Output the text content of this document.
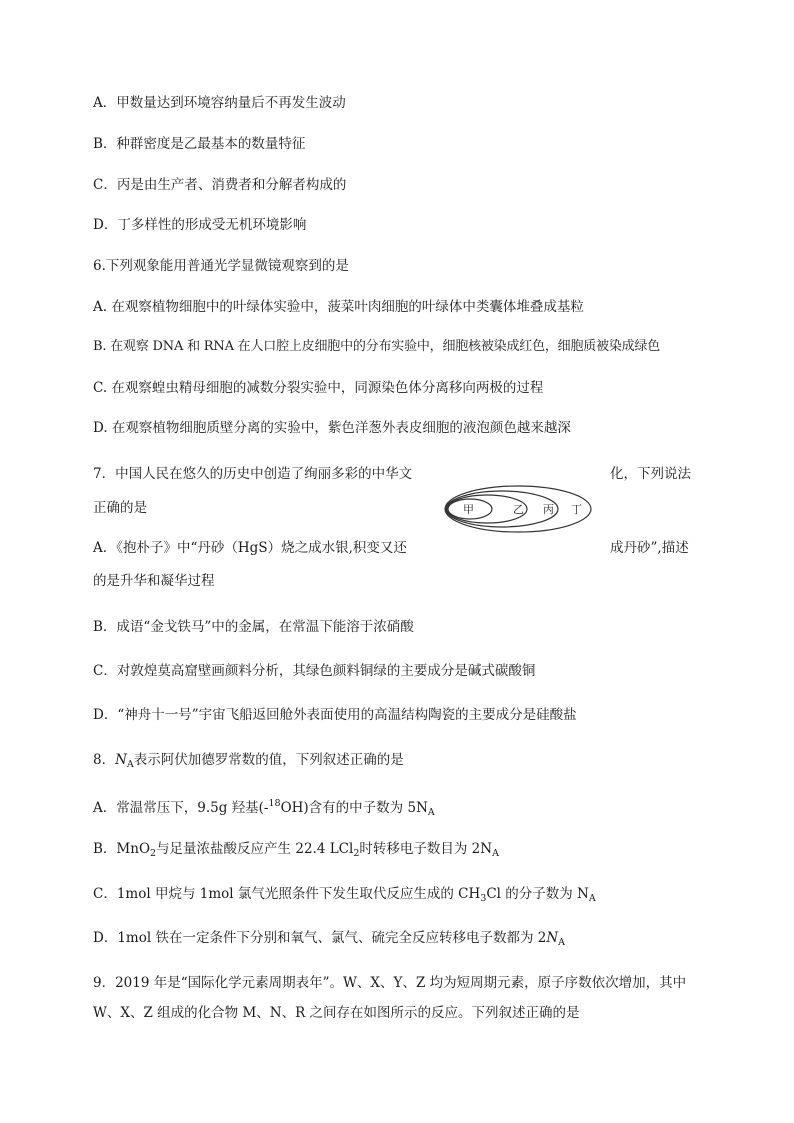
A．甲数量达到环境容纳量后不再发生波动
B．种群密度是乙最基本的数量特征
C．丙是由生产者、消费者和分解者构成的
D．丁多样性的形成受无机环境影响
6.下列观象能用普通光学显微镜观察到的是
A. 在观察植物细胞中的叶绿体实验中，菠菜叶肉细胞的叶绿体中类囊体堆叠成基粒
B. 在观察 DNA 和 RNA 在人口腔上皮细胞中的分布实验中，细胞核被染成红色，细胞质被染成绿色
C. 在观察蝗虫精母细胞的减数分裂实验中，同源染色体分离移向两极的过程
D. 在观察植物细胞质壁分离的实验中，紫色洋葱外表皮细胞的液泡颜色越来越深
7．中国人民在悠久的历史中创造了绚丽多彩的中华文	化，下列说法
正确的是	甲	乙 丙 丁
A．《抱朴子》中“丹砂（HgS）烧之成水银,积变又还	成丹砂”,描述
的是升华和凝华过程
B．成语“金戈铁马”中的金属，在常温下能溶于浓硝酸
C．对敦煌莫高窟壁画颜料分析，其绿色颜料铜绿的主要成分是碱式碳酸铜
D．“神舟十一号”宇宙飞船返回舱外表面使用的高温结构陶瓷的主要成分是硅酸盐
8．$N_A$表示阿伏加德罗常数的值，下列叙述正确的是
A．常温常压下，9.5g 羟基(-$^{18}$OH)含有的中子数为 $5N_A$
B．MnO$_2$与足量浓盐酸反应产生 22.4 LCl$_2$时转移电子数目为 $2N_A$
C．1mol 甲烷与 1mol 氯气光照条件下发生取代反应生成的 $CH_3Cl$ 的分子数为 $N_A$
D．1mol 铁在一定条件下分别和氧气、氯气、硫完全反应转移电子数都为 $2N_A$
9．2019 年是“国际化学元素周期表年”。W、X、Y、Z 均为短周期元素，原子序数依次增加，其中
W、X、Z 组成的化合物 M、N、R 之间存在如图所示的反应。下列叙述正确的是
